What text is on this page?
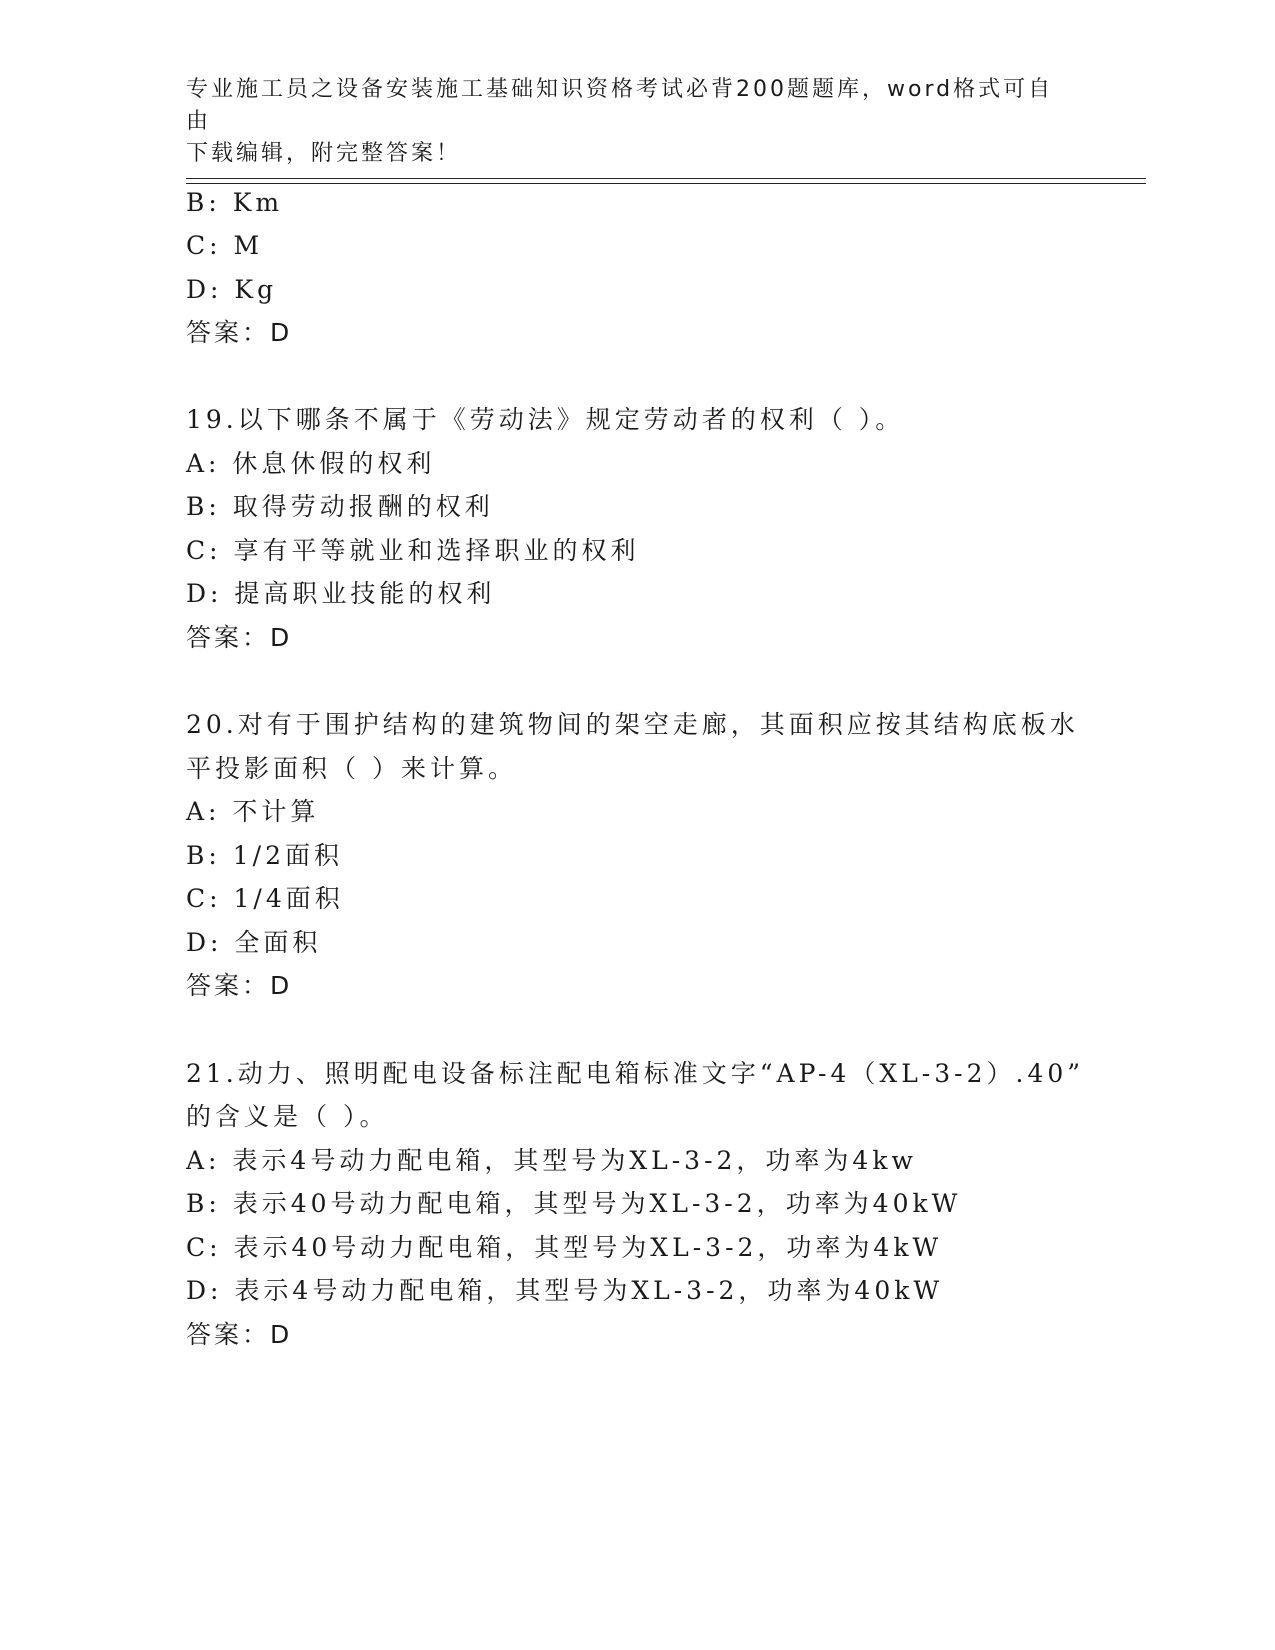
专业施工员之设备安装施工基础知识资格考试必背200题题库，word格式可自由
下载编辑，附完整答案！
B: Km
C: M
D: Kg
答案：D
19.以下哪条不属于《劳动法》规定劳动者的权利（ ）。
A: 休息休假的权利
B: 取得劳动报酬的权利
C: 享有平等就业和选择职业的权利
D: 提高职业技能的权利
答案：D
20.对有于围护结构的建筑物间的架空走廊，其面积应按其结构底板水
平投影面积（ ）来计算。
A: 不计算
B: 1/2面积
C: 1/4面积
D: 全面积
答案：D
21.动力、照明配电设备标注配电箱标准文字“AP-4（XL-3-2）.40”
的含义是（ ）。
A: 表示4号动力配电箱，其型号为XL-3-2，功率为4kw
B: 表示40号动力配电箱，其型号为XL-3-2，功率为40kW
C: 表示40号动力配电箱，其型号为XL-3-2，功率为4kW
D: 表示4号动力配电箱，其型号为XL-3-2，功率为40kW
答案：D
